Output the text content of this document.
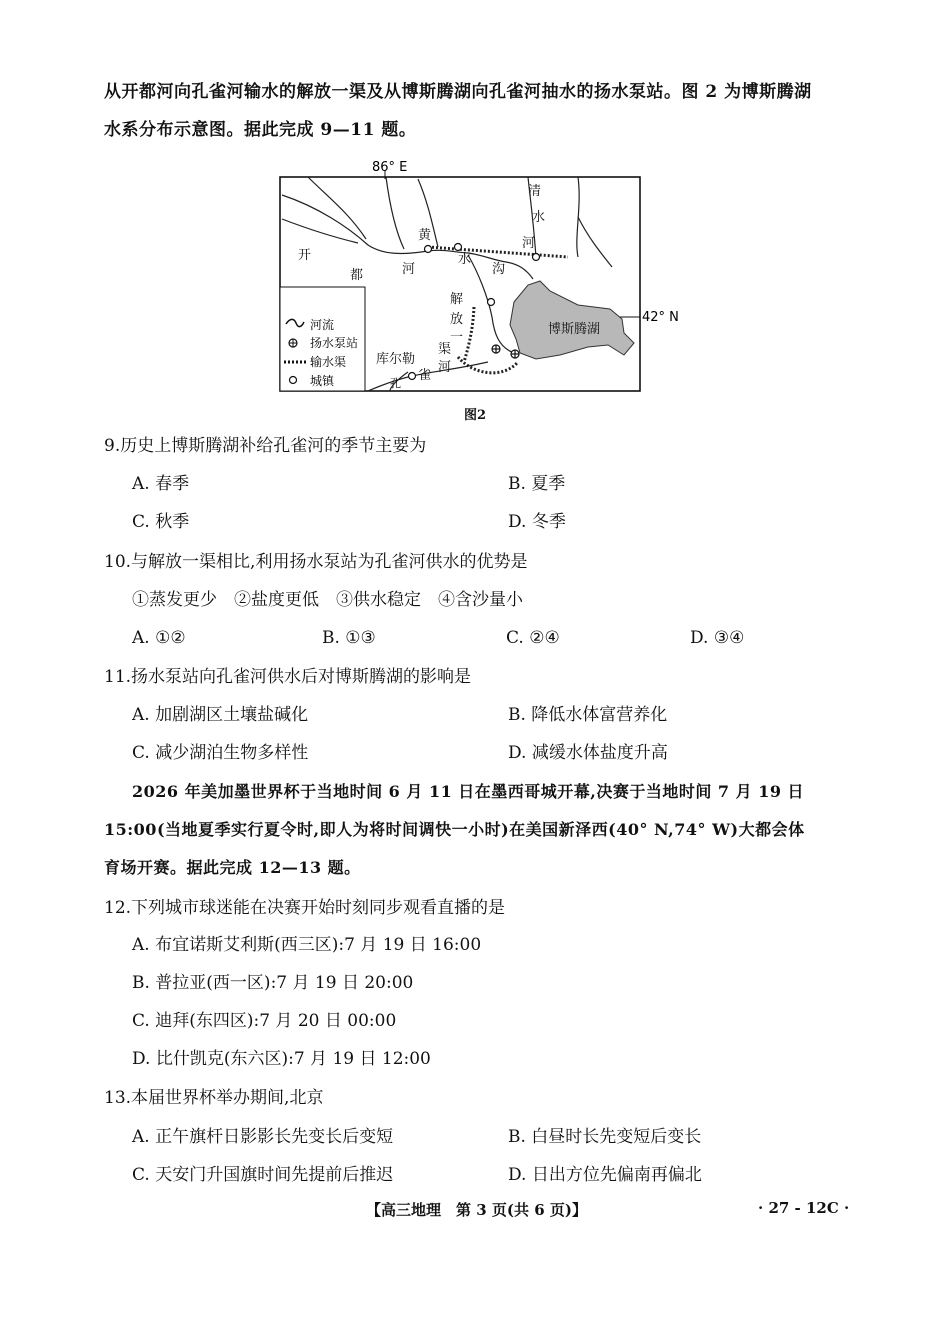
从开都河向孔雀河输水的解放一渠及从博斯腾湖向孔雀河抽水的扬水泵站。图 2 为博斯腾湖
水系分布示意图。据此完成 9—11 题。
86° E
42° N
开
都	河
黄
水
沟
清
水
河
解
放
一
渠
博斯腾湖
库尔勒
孔
雀
河
河流
扬水泵站
输水渠
城镇
图2
9.历史上博斯腾湖补给孔雀河的季节主要为
A. 春季	B. 夏季
C. 秋季	D. 冬季
10.与解放一渠相比,利用扬水泵站为孔雀河供水的优势是
①蒸发更少　②盐度更低　③供水稳定　④含沙量小
A. ①②	B. ①③	C. ②④	D. ③④
11.扬水泵站向孔雀河供水后对博斯腾湖的影响是
A. 加剧湖区土壤盐碱化	B. 降低水体富营养化
C. 减少湖泊生物多样性	D. 减缓水体盐度升高
2026 年美加墨世界杯于当地时间 6 月 11 日在墨西哥城开幕,决赛于当地时间 7 月 19 日
15:00(当地夏季实行夏令时,即人为将时间调快一小时)在美国新泽西(40° N,74° W)大都会体
育场开赛。据此完成 12—13 题。
12.下列城市球迷能在决赛开始时刻同步观看直播的是
A. 布宜诺斯艾利斯(西三区):7 月 19 日 16:00
B. 普拉亚(西一区):7 月 19 日 20:00
C. 迪拜(东四区):7 月 20 日 00:00
D. 比什凯克(东六区):7 月 19 日 12:00
13.本届世界杯举办期间,北京
A. 正午旗杆日影影长先变长后变短	B. 白昼时长先变短后变长
C. 天安门升国旗时间先提前后推迟	D. 日出方位先偏南再偏北
【高三地理　第 3 页(共 6 页)】	· 27 - 12C ·
